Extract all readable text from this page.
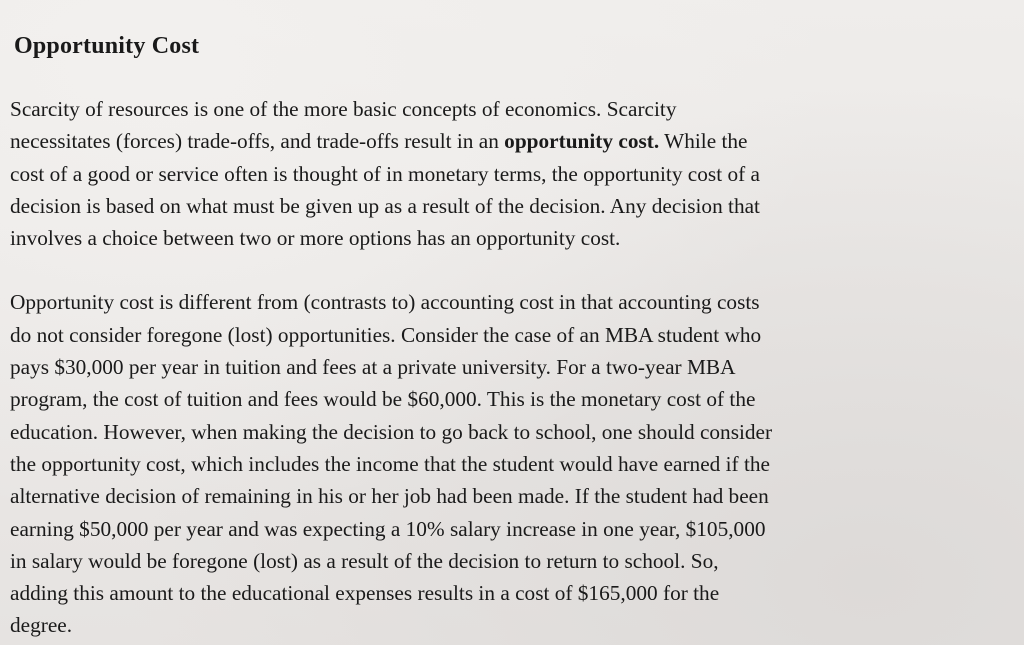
Opportunity Cost

Scarcity of resources is one of the more basic concepts of economics. Scarcity
necessitates (forces) trade-offs, and trade-offs result in an opportunity cost. While the
cost of a good or service often is thought of in monetary terms, the opportunity cost of a
decision is based on what must be given up as a result of the decision. Any decision that
involves a choice between two or more options has an opportunity cost.

Opportunity cost is different from (contrasts to) accounting cost in that accounting costs
do not consider foregone (lost) opportunities. Consider the case of an MBA student who
pays $30,000 per year in tuition and fees at a private university. For a two-year MBA
program, the cost of tuition and fees would be $60,000. This is the monetary cost of the
education. However, when making the decision to go back to school, one should consider
the opportunity cost, which includes the income that the student would have earned if the
alternative decision of remaining in his or her job had been made. If the student had been
earning $50,000 per year and was expecting a 10% salary increase in one year, $105,000
in salary would be foregone (lost) as a result of the decision to return to school. So,
adding this amount to the educational expenses results in a cost of $165,000 for the
degree.
